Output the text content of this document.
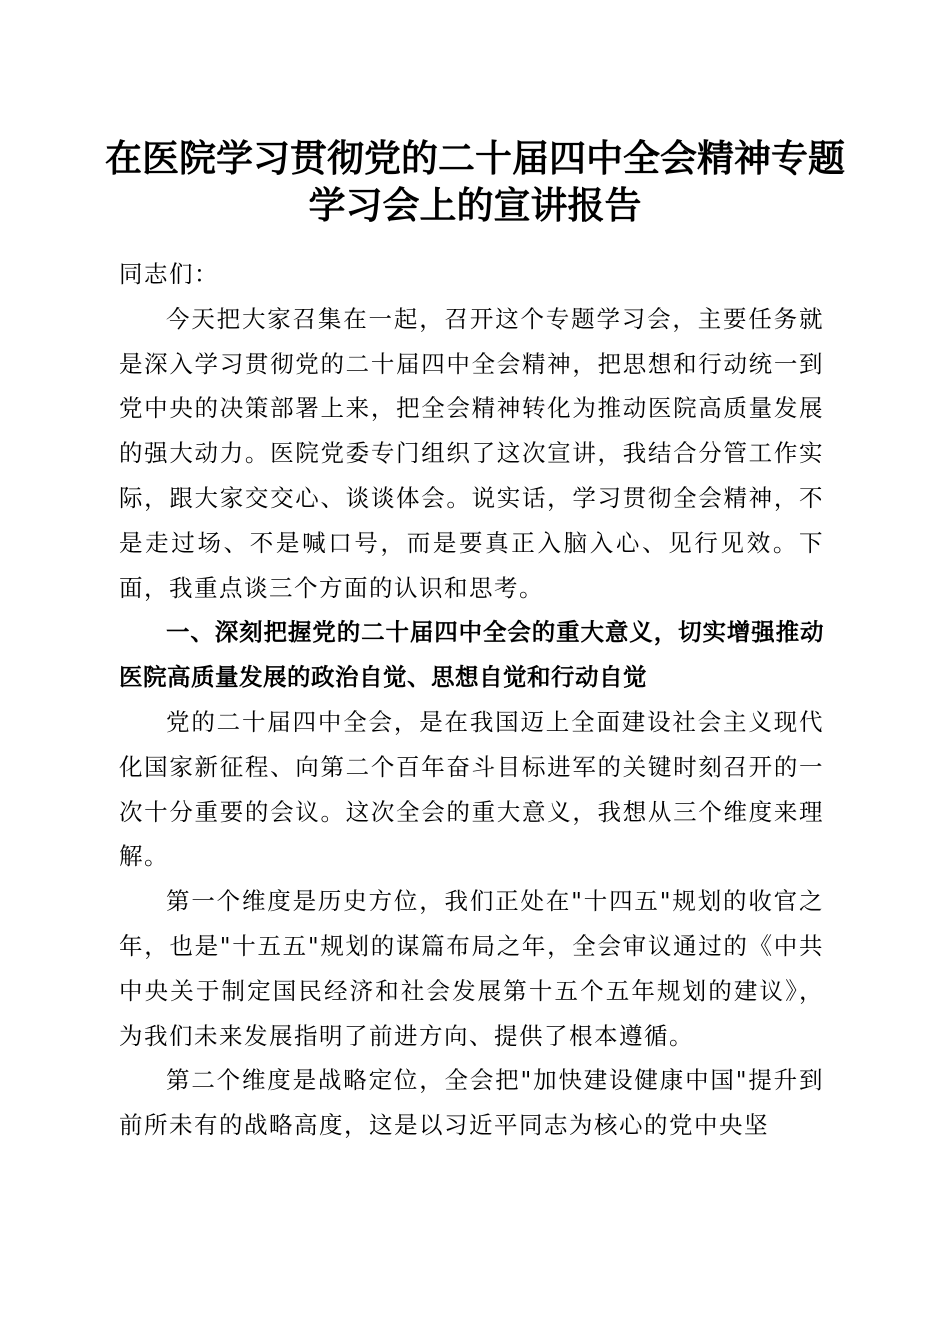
在医院学习贯彻党的二十届四中全会精神专题
学习会上的宣讲报告

同志们：

今天把大家召集在一起，召开这个专题学习会，主要任务就是深入学习贯彻党的二十届四中全会精神，把思想和行动统一到党中央的决策部署上来，把全会精神转化为推动医院高质量发展的强大动力。医院党委专门组织了这次宣讲，我结合分管工作实际，跟大家交交心、谈谈体会。说实话，学习贯彻全会精神，不是走过场、不是喊口号，而是要真正入脑入心、见行见效。下面，我重点谈三个方面的认识和思考。

一、深刻把握党的二十届四中全会的重大意义，切实增强推动医院高质量发展的政治自觉、思想自觉和行动自觉

党的二十届四中全会，是在我国迈上全面建设社会主义现代化国家新征程、向第二个百年奋斗目标进军的关键时刻召开的一次十分重要的会议。这次全会的重大意义，我想从三个维度来理解。

第一个维度是历史方位，我们正处在"十四五"规划的收官之年，也是"十五五"规划的谋篇布局之年，全会审议通过的《中共中央关于制定国民经济和社会发展第十五个五年规划的建议》，为我们未来发展指明了前进方向、提供了根本遵循。

第二个维度是战略定位，全会把"加快建设健康中国"提升到前所未有的战略高度，这是以习近平同志为核心的党中央坚
